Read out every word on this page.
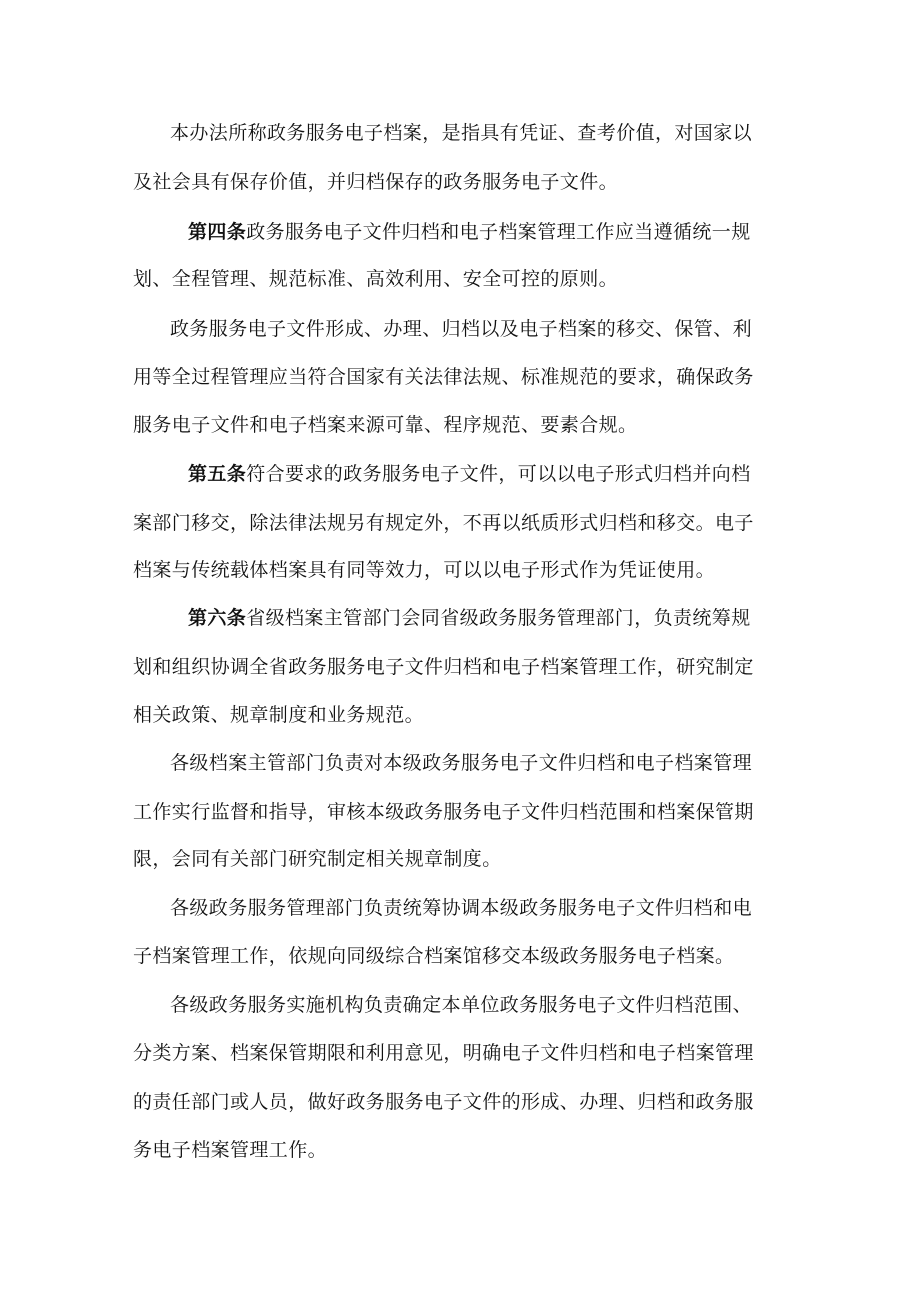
本办法所称政务服务电子档案，是指具有凭证、查考价值，对国家以
及社会具有保存价值，并归档保存的政务服务电子文件。
第四条政务服务电子文件归档和电子档案管理工作应当遵循统一规
划、全程管理、规范标准、高效利用、安全可控的原则。
政务服务电子文件形成、办理、归档以及电子档案的移交、保管、利
用等全过程管理应当符合国家有关法律法规、标准规范的要求，确保政务
服务电子文件和电子档案来源可靠、程序规范、要素合规。
第五条符合要求的政务服务电子文件，可以以电子形式归档并向档
案部门移交，除法律法规另有规定外，不再以纸质形式归档和移交。电子
档案与传统载体档案具有同等效力，可以以电子形式作为凭证使用。
第六条省级档案主管部门会同省级政务服务管理部门，负责统筹规
划和组织协调全省政务服务电子文件归档和电子档案管理工作，研究制定
相关政策、规章制度和业务规范。
各级档案主管部门负责对本级政务服务电子文件归档和电子档案管理
工作实行监督和指导，审核本级政务服务电子文件归档范围和档案保管期
限，会同有关部门研究制定相关规章制度。
各级政务服务管理部门负责统筹协调本级政务服务电子文件归档和电
子档案管理工作，依规向同级综合档案馆移交本级政务服务电子档案。
各级政务服务实施机构负责确定本单位政务服务电子文件归档范围、
分类方案、档案保管期限和利用意见，明确电子文件归档和电子档案管理
的责任部门或人员，做好政务服务电子文件的形成、办理、归档和政务服
务电子档案管理工作。
